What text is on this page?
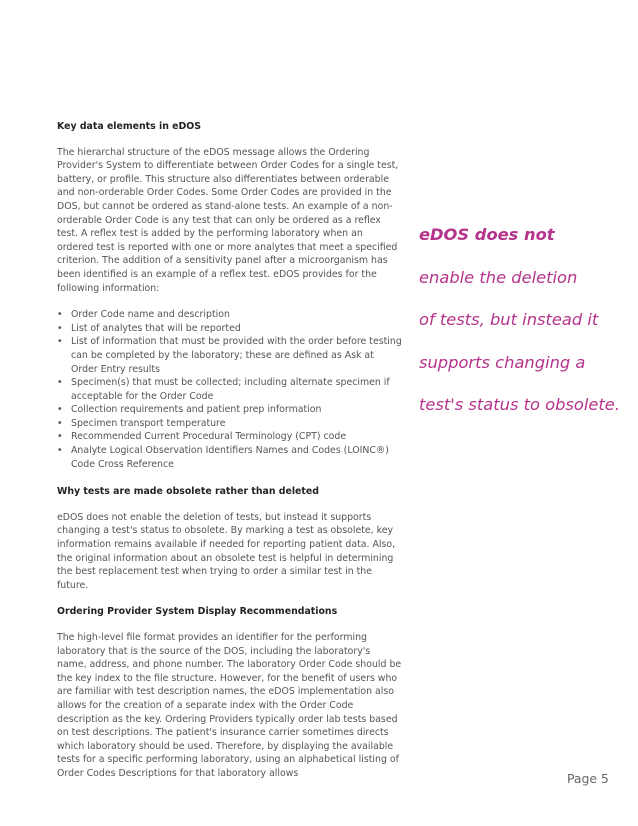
Key data elements in eDOS

The hierarchal structure of the eDOS message allows the Ordering Provider's System to differentiate between Order Codes for a single test, battery, or profile. This structure also differentiates between orderable and non-orderable Order Codes. Some Order Codes are provided in the DOS, but cannot be ordered as stand-alone tests. An example of a non-orderable Order Code is any test that can only be ordered as a reflex test. A reflex test is added by the performing laboratory when an ordered test is reported with one or more analytes that meet a specified criterion. The addition of a sensitivity panel after a microorganism has been identified is an example of a reflex test. eDOS provides for the following information:

• Order Code name and description
• List of analytes that will be reported
• List of information that must be provided with the order before testing can be completed by the laboratory; these are defined as Ask at Order Entry results
• Specimen(s) that must be collected; including alternate specimen if acceptable for the Order Code
• Collection requirements and patient prep information
• Specimen transport temperature
• Recommended Current Procedural Terminology (CPT) code
• Analyte Logical Observation Identifiers Names and Codes (LOINC®) Code Cross Reference
Why tests are made obsolete rather than deleted

eDOS does not enable the deletion of tests, but instead it supports changing a test's status to obsolete. By marking a test as obsolete, key information remains available if needed for reporting patient data. Also, the original information about an obsolete test is helpful in determining the best replacement test when trying to order a similar test in the future.

Ordering Provider System Display Recommendations

The high-level file format provides an identifier for the performing laboratory that is the source of the DOS, including the laboratory's name, address, and phone number. The laboratory Order Code should be the key index to the file structure. However, for the benefit of users who are familiar with test description names, the eDOS implementation also allows for the creation of a separate index with the Order Code description as the key. Ordering Providers typically order lab tests based on test descriptions. The patient's insurance carrier sometimes directs which laboratory should be used. Therefore, by displaying the available tests for a specific performing laboratory, using an alphabetical listing of Order Codes Descriptions for that laboratory allows

eDOS does not
enable the deletion
of tests, but instead it
supports changing a
test's status to obsolete.
Page 5
